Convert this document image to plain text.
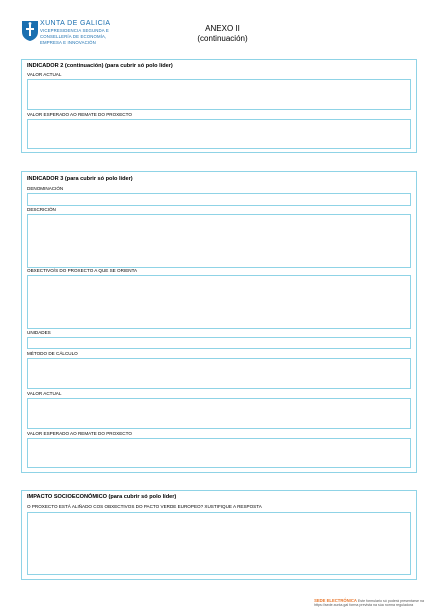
XUNTA DE GALICIA
VICEPRESIDENCIA SEGUNDA E
CONSELLERÍA DE ECONOMÍA,
EMPRESA E INNOVACIÓN
ANEXO II
(continuación)
INDICADOR 2 (continuación) (para cubrir só polo líder)
VALOR ACTUAL
VALOR ESPERADO AO REMATE DO PROXECTO
INDICADOR 3 (para cubrir só polo líder)
DENOMINACIÓN
DESCRICIÓN
OBXECTIVO/S DO PROXECTO A QUE SE ORIENTA
UNIDADES
MÉTODO DE CÁLCULO
VALOR ACTUAL
VALOR ESPERADO AO REMATE DO PROXECTO
IMPACTO SOCIOECONÓMICO (para cubrir só polo líder)
O PROXECTO ESTÁ ALIÑADO COS OBXECTIVOS DO PACTO VERDE EUROPEO? XUSTIFIQUE A RESPOSTA
SEDE ELECTRÓNICA Este formulario só poderá presentarse na
https://sede.xunta.gal forma prevista na súa norma reguladora
